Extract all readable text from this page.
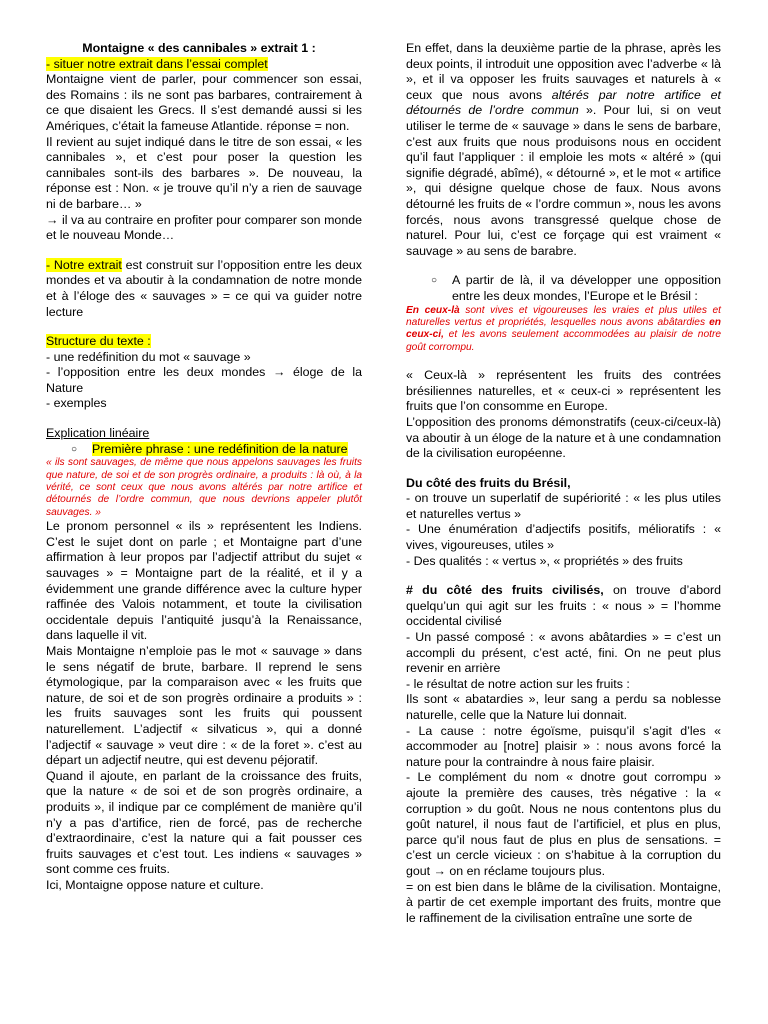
Montaigne « des cannibales » extrait 1 :

- situer notre extrait dans l’essai complet

Montaigne vient de parler, pour commencer son essai, des Romains : ils ne sont pas barbares, contrairement à ce que disaient les Grecs. Il s’est demandé aussi si les Amériques, c’était la fameuse Atlantide. réponse = non.

Il revient au sujet indiqué dans le titre de son essai, « les cannibales », et c’est pour poser la question les cannibales sont-ils des barbares ». De nouveau, la réponse est : Non. « je trouve qu’il n’y a rien de sauvage ni de barbare… »

→ il va au contraire en profiter pour comparer son monde et le nouveau Monde…

- Notre extrait est construit sur l’opposition entre les deux mondes et va aboutir à la condamnation de notre monde et à l’éloge des « sauvages » = ce qui va guider notre lecture

Structure du texte :

- une redéfinition du mot « sauvage »

- l’opposition entre les deux mondes → éloge de la Nature

- exemples

Explication linéaire

○ Première phrase : une redéfinition de la nature

« ils sont sauvages, de même que nous appelons sauvages les fruits que nature, de soi et de son progrès ordinaire, a produits : là où, à la vérité, ce sont ceux que nous avons altérés par notre artifice et détournés de l’ordre commun, que nous devrions appeler plutôt sauvages. »

Le pronom personnel « ils » représentent les Indiens. C’est le sujet dont on parle ; et Montaigne part d’une affirmation à leur propos par l’adjectif attribut du sujet « sauvages » = Montaigne part de la réalité, et il y a évidemment une grande différence avec la culture hyper raffinée des Valois notamment, et toute la civilisation occidentale depuis l’antiquité jusqu’à la Renaissance, dans laquelle il vit.

Mais Montaigne n’emploie pas le mot « sauvage » dans le sens négatif de brute, barbare. Il reprend le sens étymologique, par la comparaison avec « les fruits que nature, de soi et de son progrès ordinaire a produits » : les fruits sauvages sont les fruits qui poussent naturellement. L’adjectif « silvaticus », qui a donné l’adjectif « sauvage » veut dire : « de la foret ». c’est au départ un adjectif neutre, qui est devenu péjoratif.

Quand il ajoute, en parlant de la croissance des fruits, que la nature « de soi et de son progrès ordinaire, a produits », il indique par ce complément de manière qu’il n’y a pas d’artifice, rien de forcé, pas de recherche d’extraordinaire, c’est la nature qui a fait pousser ces fruits sauvages et c’est tout. Les indiens « sauvages » sont comme ces fruits.

Ici, Montaigne oppose nature et culture.

En effet, dans la deuxième partie de la phrase, après les deux points, il introduit une opposition avec l’adverbe « là », et il va opposer les fruits sauvages et naturels à « ceux que nous avons altérés par notre artifice et détournés de l’ordre commun ». Pour lui, si on veut utiliser le terme de « sauvage » dans le sens de barbare, c’est aux fruits que nous produisons nous en occident qu’il faut l’appliquer : il emploie les mots « altéré » (qui signifie dégradé, abîmé), « détourné », et le mot « artifice », qui désigne quelque chose de faux. Nous avons détourné les fruits de « l’ordre commun », nous les avons forcés, nous avons transgressé quelque chose de naturel. Pour lui, c’est ce forçage qui est vraiment « sauvage » au sens de barabre.

○ A partir de là, il va développer une opposition entre les deux mondes, l’Europe et le Brésil :

En ceux-là sont vives et vigoureuses les vraies et plus utiles et naturelles vertus et propriétés, lesquelles nous avons abâtardies en ceux-ci, et les avons seulement accommodées au plaisir de notre goût corrompu.

« Ceux-là » représentent les fruits des contrées brésiliennes naturelles, et « ceux-ci » représentent les fruits que l’on consomme en Europe.

L’opposition des pronoms démonstratifs (ceux-ci/ceux-là) va aboutir à un éloge de la nature et à une condamnation de la civilisation européenne.

Du côté des fruits du Brésil,

- on trouve un superlatif de supériorité : « les plus utiles et naturelles vertus »

- Une énumération d’adjectifs positifs, mélioratifs : « vives, vigoureuses, utiles »

- Des qualités : « vertus », « propriétés » des fruits

# du côté des fruits civilisés, on trouve d’abord quelqu’un qui agit sur les fruits : « nous » = l’homme occidental civilisé

- Un passé composé : « avons abâtardies » = c’est un accompli du présent, c’est acté, fini. On ne peut plus revenir en arrière

- le résultat de notre action sur les fruits :

Ils sont « abatardies », leur sang a perdu sa noblesse naturelle, celle que la Nature lui donnait.

- La cause : notre égoïsme, puisqu’il s’agit d’les « accommoder au [notre] plaisir » : nous avons forcé la nature pour la contraindre à nous faire plaisir.

- Le complément du nom « dnotre gout corrompu » ajoute la première des causes, très négative : la « corruption » du goût. Nous ne nous contentons plus du goût naturel, il nous faut de l’artificiel, et plus en plus, parce qu’il nous faut de plus en plus de sensations. = c’est un cercle vicieux : on s’habitue à la corruption du gout → on en réclame toujours plus.

= on est bien dans le blâme de la civilisation. Montaigne, à partir de cet exemple important des fruits, montre que le raffinement de la civilisation entraîne une sorte de
